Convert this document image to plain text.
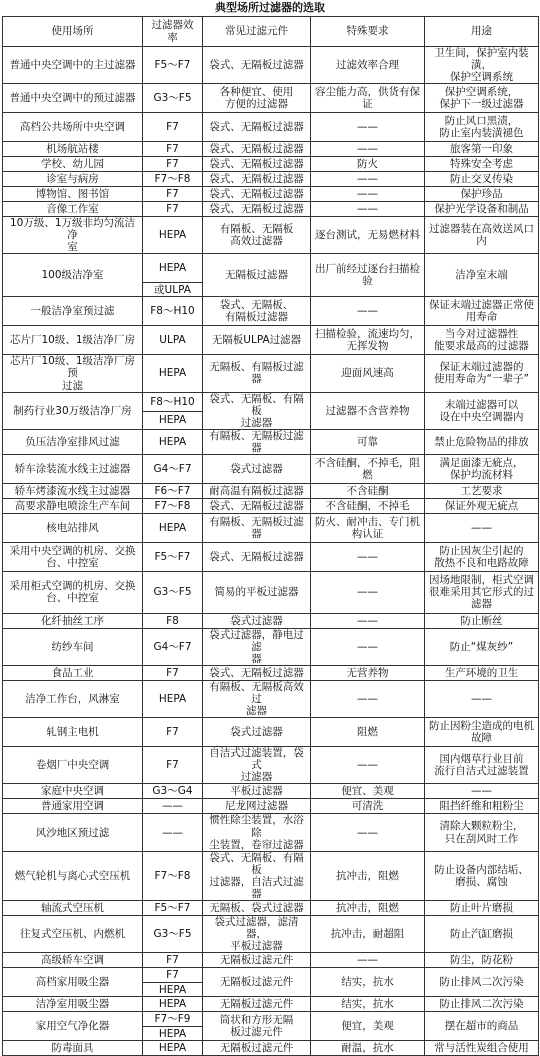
典型场所过滤器的选取
使用场所	过滤器效
率	常见过滤元件	特殊要求	用途
普通中央空调中的主过滤器	F5～F7	袋式、无隔板过滤器	过滤效率合理	卫生间，保护室内装
潢，
保护空调系统
普通中央空调中的预过滤器	G3～F5	各种便宜、使用
方便的过滤器	容尘能力高，供货有保
证	保护空调系统，
保护下一级过滤器
高档公共场所中央空调	F7	袋式、无隔板过滤器	——	防止风口黑渍，
防止室内装潢褪色
机场航站楼	F7	袋式、无隔板过滤器	——	旅客第一印象
学校、幼儿园	F7	袋式、无隔板过滤器	防火	特殊安全考虑
诊室与病房	F7～F8	袋式、无隔板过滤器	——	防止交叉传染
博物馆、图书馆	F7	袋式、无隔板过滤器	——	保护珍品
音像工作室	F7	袋式、无隔板过滤器	——	保护光学设备和制品
10万级、1万级非均匀流洁净
室	HEPA	有隔板、无隔板
高效过滤器	逐台测试，无易燃材料	过滤器装在高效送风口
内
100级洁净室	HEPA	无隔板过滤器	出厂前经过逐台扫描检
验	洁净室末端
	或ULPA			
一般洁净室预过滤	F8～H10	袋式、无隔板、
有隔板过滤器	——	保证末端过滤器正常使
用寿命
芯片厂10级、1级洁净厂房	ULPA	无隔板ULPA过滤器	扫描检验，流速均匀，
无挥发物	当今对过滤器性
能要求最高的过滤器
芯片厂10级、1级洁净厂房预
过滤	HEPA	无隔板、有隔板过滤器	迎面风速高	保证末端过滤器的
使用寿命为“一辈子”
制药行业30万级洁净厂房	F8～H10	袋式、无隔板、有隔板
过滤器	过滤器不含营养物	末端过滤器可以
设在中央空调器内
	HEPA			
负压洁净室排风过滤	HEPA	有隔板、无隔板过滤器	可靠	禁止危险物品的排放
轿车涂装流水线主过滤器	G4～F7	袋式过滤器	不含硅酮，不掉毛，阻
燃	满足面漆无疵点，
保护均流材料
轿车烤漆流水线主过滤器	F6～F7	耐高温有隔板过滤器	不含硅酮	工艺要求
高要求静电喷涂生产车间	F7～F8	袋式、无隔板过滤器	不含硅酮，不掉毛	保证外观无疵点
核电站排风	HEPA	有隔板、无隔板过滤器	防火、耐冲击、专门机
构认证	——
采用中央空调的机房、交换
台、中控室	F5～F7	袋式、无隔板过滤器	——	防止因灰尘引起的
散热不良和电路故障
采用柜式空调的机房、交换
台、中控室	G3～F5	简易的平板过滤器	——	因场地限制，柜式空调
很难采用其它形式的过
滤器
化纤抽丝工序	F8	袋式过滤器	——	防止断丝
纺纱车间	G4～F7	袋式过滤器，静电过滤
器	——	防止“煤灰纱”
食品工业	F7	袋式、无隔板过滤器	无营养物	生产环境的卫生
洁净工作台，风淋室	HEPA	有隔板、无隔板高效过
滤器	——	——
轧钢主电机	F7	袋式过滤器	阻燃	防止因粉尘造成的电机
故障
卷烟厂中央空调	F7	自洁式过滤装置，袋式
过滤器	——	国内烟草行业目前
流行自洁式过滤装置
家庭中央空调	G3～G4	平板过滤器	便宜、美观	——
普通家用空调	——	尼龙网过滤器	可清洗	阻挡纤维和粗粉尘
风沙地区预过滤	——	惯性除尘装置，水浴除
尘装置，卷帘过滤器	——	清除大颗粒粉尘，
只在刮风时工作
燃气轮机与离心式空压机	F7～F8	袋式、无隔板、有隔板
过滤器，自洁式过滤器	抗冲击，阻燃	防止设备内部结垢、
磨损、腐蚀
轴流式空压机	F5～F7	无隔板、袋式过滤器	抗冲击，阻燃	防止叶片磨损
往复式空压机、内燃机	G3～F5	袋式过滤器，滤清器，
平板过滤器	抗冲击，耐超阻	防止汽缸磨损
高级轿车空调	F7	无隔板过滤元件	——	防尘，防花粉
高档家用吸尘器	F7	无隔板过滤元件	结实，抗水	防止排风二次污染
	HEPA			
洁净室用吸尘器	HEPA	无隔板过滤元件	结实，抗水	防止排风二次污染
家用空气净化器	F7～F9	筒状和方形无隔
板过滤元件	便宜，美观	摆在超市的商品
	HEPA			
防毒面具	HEPA	无隔板过滤元件	耐温，抗水	常与活性炭组合使用
